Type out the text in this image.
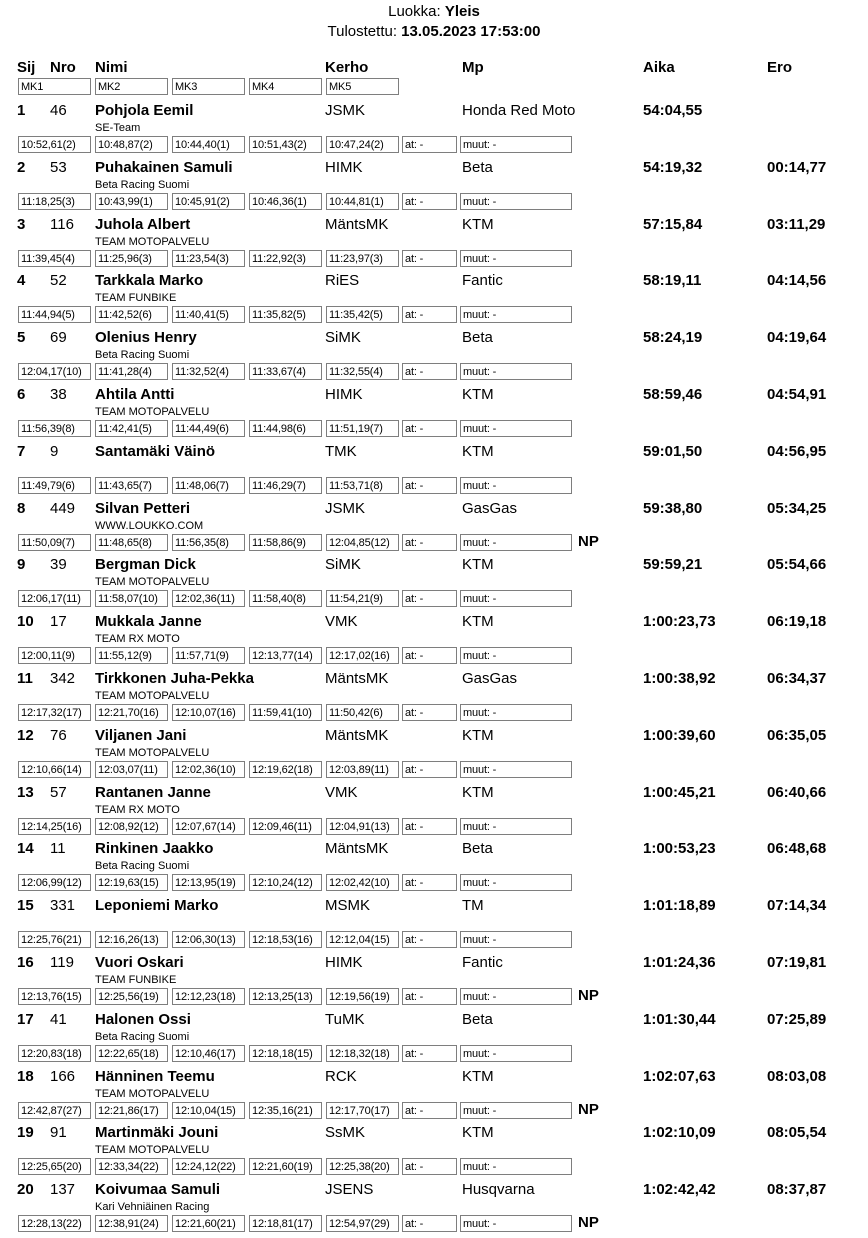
Luokka: Yleis
Tulostettu: 13.05.2023 17:53:00
Sij Nro Nimi	Kerho	Mp	Aika	Ero
MK1	MK2	MK3	MK4	MK5
1 46 Pohjola Eemil	JSMK	Honda Red Moto	54:04,55
SE-Team
10:52,61(2)	10:48,87(2)	10:44,40(1)	10:51,43(2)	10:47,24(2)	at: -	muut: -
2 53 Puhakainen Samuli	HIMK	Beta	54:19,32	00:14,77
Beta Racing Suomi
11:18,25(3)	10:43,99(1)	10:45,91(2)	10:46,36(1)	10:44,81(1)	at: -	muut: -
3 116 Juhola Albert	MäntsMK	KTM	57:15,84	03:11,29
TEAM MOTOPALVELU
11:39,45(4)	11:25,96(3)	11:23,54(3)	11:22,92(3)	11:23,97(3)	at: -	muut: -
4 52 Tarkkala Marko	RiES	Fantic	58:19,11	04:14,56
TEAM FUNBIKE
11:44,94(5)	11:42,52(6)	11:40,41(5)	11:35,82(5)	11:35,42(5)	at: -	muut: -
5 69 Olenius Henry	SiMK	Beta	58:24,19	04:19,64
Beta Racing Suomi
12:04,17(10)	11:41,28(4)	11:32,52(4)	11:33,67(4)	11:32,55(4)	at: -	muut: -
6 38 Ahtila Antti	HIMK	KTM	58:59,46	04:54,91
TEAM MOTOPALVELU
11:56,39(8)	11:42,41(5)	11:44,49(6)	11:44,98(6)	11:51,19(7)	at: -	muut: -
7 9 Santamäki Väinö	TMK	KTM	59:01,50	04:56,95
11:49,79(6)	11:43,65(7)	11:48,06(7)	11:46,29(7)	11:53,71(8)	at: -	muut: -
8 449 Silvan Petteri	JSMK	GasGas	59:38,80	05:34,25
WWW.LOUKKO.COM
11:50,09(7)	11:48,65(8)	11:56,35(8)	11:58,86(9)	12:04,85(12)	at: -	muut: -	NP
9 39 Bergman Dick	SiMK	KTM	59:59,21	05:54,66
TEAM MOTOPALVELU
12:06,17(11)	11:58,07(10)	12:02,36(11)	11:58,40(8)	11:54,21(9)	at: -	muut: -
10 17 Mukkala Janne	VMK	KTM	1:00:23,73	06:19,18
TEAM RX MOTO
12:00,11(9)	11:55,12(9)	11:57,71(9)	12:13,77(14)	12:17,02(16)	at: -	muut: -
11 342 Tirkkonen Juha-Pekka	MäntsMK	GasGas	1:00:38,92	06:34,37
TEAM MOTOPALVELU
12:17,32(17)	12:21,70(16)	12:10,07(16)	11:59,41(10)	11:50,42(6)	at: -	muut: -
12 76 Viljanen Jani	MäntsMK	KTM	1:00:39,60	06:35,05
TEAM MOTOPALVELU
12:10,66(14)	12:03,07(11)	12:02,36(10)	12:19,62(18)	12:03,89(11)	at: -	muut: -
13 57 Rantanen Janne	VMK	KTM	1:00:45,21	06:40,66
TEAM RX MOTO
12:14,25(16)	12:08,92(12)	12:07,67(14)	12:09,46(11)	12:04,91(13)	at: -	muut: -
14 11 Rinkinen Jaakko	MäntsMK	Beta	1:00:53,23	06:48,68
Beta Racing Suomi
12:06,99(12)	12:19,63(15)	12:13,95(19)	12:10,24(12)	12:02,42(10)	at: -	muut: -
15 331 Leponiemi Marko	MSMK	TM	1:01:18,89	07:14,34
12:25,76(21)	12:16,26(13)	12:06,30(13)	12:18,53(16)	12:12,04(15)	at: -	muut: -
16 119 Vuori Oskari	HIMK	Fantic	1:01:24,36	07:19,81
TEAM FUNBIKE
12:13,76(15)	12:25,56(19)	12:12,23(18)	12:13,25(13)	12:19,56(19)	at: -	muut: -	NP
17 41 Halonen Ossi	TuMK	Beta	1:01:30,44	07:25,89
Beta Racing Suomi
12:20,83(18)	12:22,65(18)	12:10,46(17)	12:18,18(15)	12:18,32(18)	at: -	muut: -
18 166 Hänninen Teemu	RCK	KTM	1:02:07,63	08:03,08
TEAM MOTOPALVELU
12:42,87(27)	12:21,86(17)	12:10,04(15)	12:35,16(21)	12:17,70(17)	at: -	muut: -	NP
19 91 Martinmäki Jouni	SsMK	KTM	1:02:10,09	08:05,54
TEAM MOTOPALVELU
12:25,65(20)	12:33,34(22)	12:24,12(22)	12:21,60(19)	12:25,38(20)	at: -	muut: -
20 137 Koivumaa Samuli	JSENS	Husqvarna	1:02:42,42	08:37,87
Kari Vehniäinen Racing
12:28,13(22)	12:38,91(24)	12:21,60(21)	12:18,81(17)	12:54,97(29)	at: -	muut: -	NP
